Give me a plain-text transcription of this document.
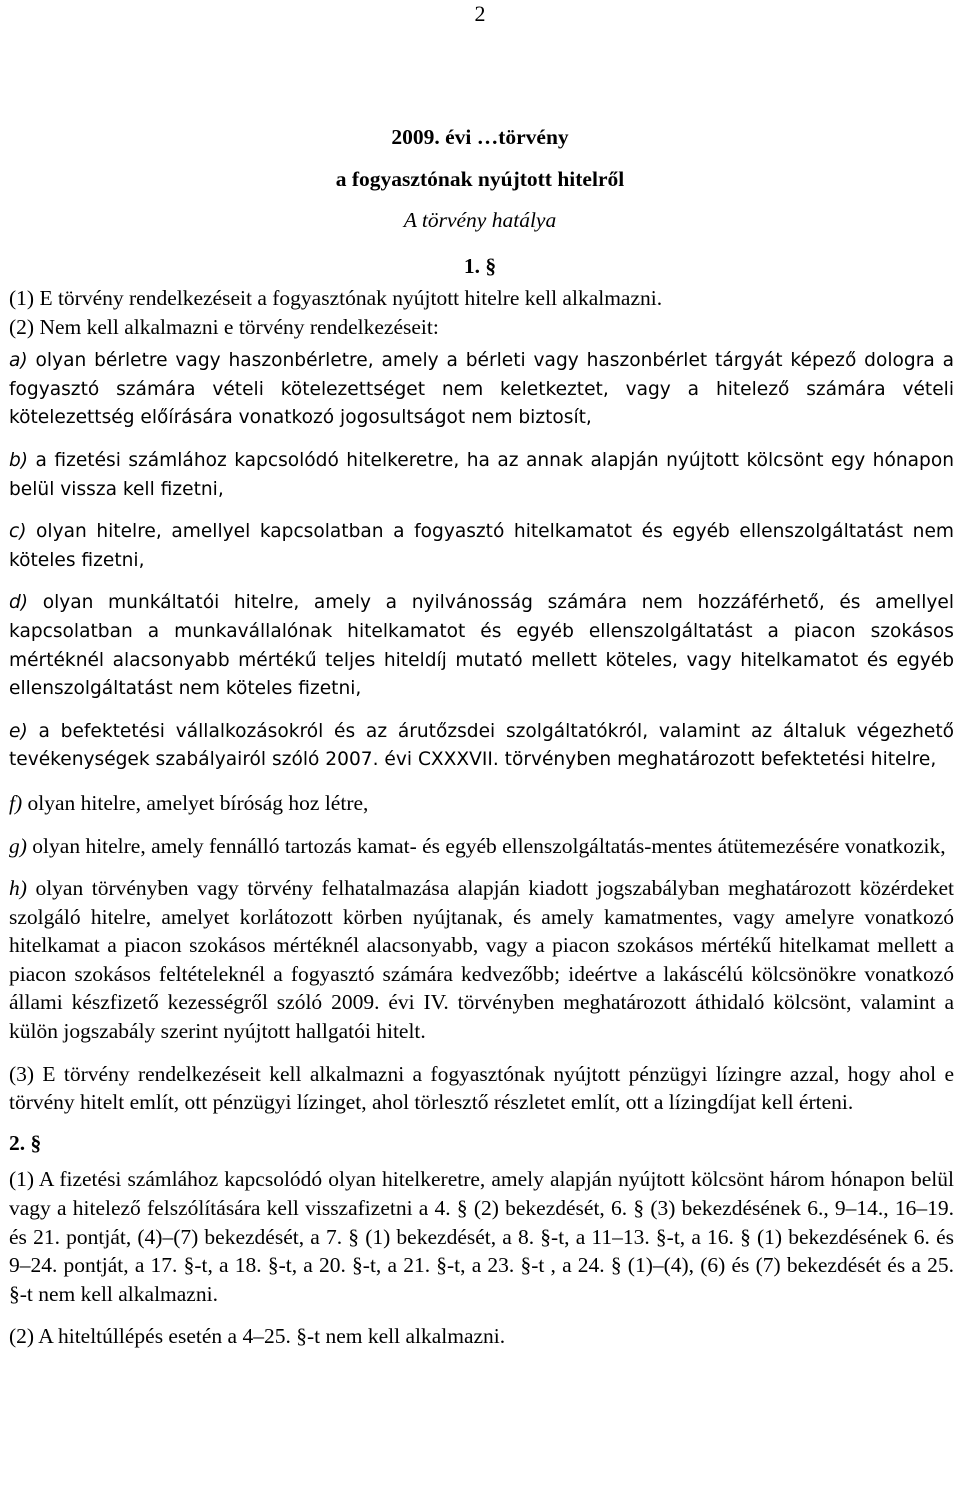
2
2009. évi …törvény
a fogyasztónak nyújtott hitelről
A törvény hatálya
1. §

(1) E törvény rendelkezéseit a fogyasztónak nyújtott hitelre kell alkalmazni.

(2) Nem kell alkalmazni e törvény rendelkezéseit:

a) olyan bérletre vagy haszonbérletre, amely a bérleti vagy haszonbérlet tárgyát képező dologra a fogyasztó számára vételi kötelezettséget nem keletkeztet, vagy a hitelező számára vételi kötelezettség előírására vonatkozó jogosultságot nem biztosít,

b) a fizetési számlához kapcsolódó hitelkeretre, ha az annak alapján nyújtott kölcsönt egy hónapon belül vissza kell fizetni,

c) olyan hitelre, amellyel kapcsolatban a fogyasztó hitelkamatot és egyéb ellenszolgáltatást nem köteles fizetni,

d) olyan munkáltatói hitelre, amely a nyilvánosság számára nem hozzáférhető, és amellyel kapcsolatban a munkavállalónak hitelkamatot és egyéb ellenszolgáltatást a piacon szokásos mértéknél alacsonyabb mértékű teljes hiteldíj mutató mellett köteles, vagy hitelkamatot és egyéb ellenszolgáltatást nem köteles fizetni,

e) a befektetési vállalkozásokról és az árutőzsdei szolgáltatókról, valamint az általuk végezhető tevékenységek szabályairól szóló 2007. évi CXXXVII. törvényben meghatározott befektetési hitelre,

f) olyan hitelre, amelyet bíróság hoz létre,

g) olyan hitelre, amely fennálló tartozás kamat- és egyéb ellenszolgáltatás-mentes átütemezésére vonatkozik,

h) olyan törvényben vagy törvény felhatalmazása alapján kiadott jogszabályban meghatározott közérdeket szolgáló hitelre, amelyet korlátozott körben nyújtanak, és amely kamatmentes, vagy amelyre vonatkozó hitelkamat a piacon szokásos mértéknél alacsonyabb, vagy a piacon szokásos mértékű hitelkamat mellett a piacon szokásos feltételeknél a fogyasztó számára kedvezőbb; ideértve a lakáscélú kölcsönökre vonatkozó állami készfizető kezességről szóló 2009. évi IV. törvényben meghatározott áthidaló kölcsönt, valamint a külön jogszabály szerint nyújtott hallgatói hitelt.

(3) E törvény rendelkezéseit kell alkalmazni a fogyasztónak nyújtott pénzügyi lízingre azzal, hogy ahol e törvény hitelt említ, ott pénzügyi lízinget, ahol törlesztő részletet említ, ott a lízingdíjat kell érteni.

2. §

(1) A fizetési számlához kapcsolódó olyan hitelkeretre, amely alapján nyújtott kölcsönt három hónapon belül vagy a hitelező felszólítására kell visszafizetni a 4. § (2) bekezdését, 6. § (3) bekezdésének 6., 9–14., 16–19. és 21. pontját, (4)–(7) bekezdését, a 7. § (1) bekezdését, a 8. §-t, a 11–13. §-t, a 16. § (1) bekezdésének 6. és 9–24. pontját, a 17. §-t, a 18. §-t, a 20. §-t, a 21. §-t, a 23. §-t , a 24. § (1)–(4), (6) és (7) bekezdését és a 25. §-t nem kell alkalmazni.

(2) A hiteltúllépés esetén a 4–25. §-t nem kell alkalmazni.
